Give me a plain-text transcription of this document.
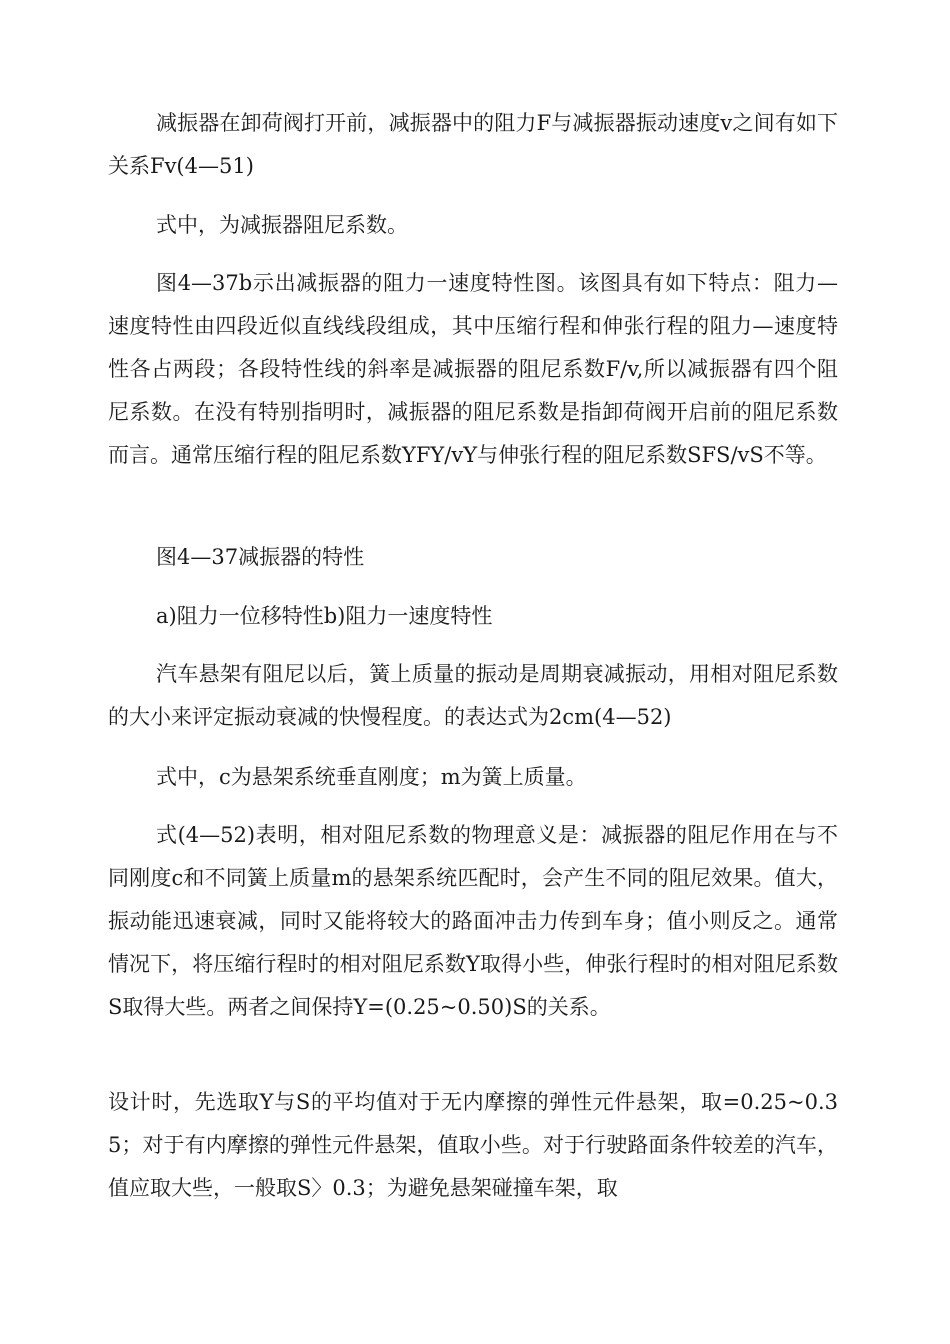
减振器在卸荷阀打开前，减振器中的阻力F与减振器振动速度v之间有如下关系Fv(4—51)

式中，为减振器阻尼系数。

图4—37b示出减振器的阻力一速度特性图。该图具有如下特点：阻力—速度特性由四段近似直线线段组成，其中压缩行程和伸张行程的阻力—速度特性各占两段；各段特性线的斜率是减振器的阻尼系数F/v,所以减振器有四个阻尼系数。在没有特别指明时，减振器的阻尼系数是指卸荷阀开启前的阻尼系数而言。通常压缩行程的阻尼系数YFY/vY与伸张行程的阻尼系数SFS/vS不等。

图4—37减振器的特性

a)阻力一位移特性b)阻力一速度特性

汽车悬架有阻尼以后，簧上质量的振动是周期衰减振动，用相对阻尼系数的大小来评定振动衰减的快慢程度。的表达式为2cm(4—52)

式中，c为悬架系统垂直刚度；m为簧上质量。

式(4—52)表明，相对阻尼系数的物理意义是：减振器的阻尼作用在与不同刚度c和不同簧上质量m的悬架系统匹配时，会产生不同的阻尼效果。值大，振动能迅速衰减，同时又能将较大的路面冲击力传到车身；值小则反之。通常情况下，将压缩行程时的相对阻尼系数Y取得小些，伸张行程时的相对阻尼系数S取得大些。两者之间保持Y=(0.25~0.50)S的关系。

设计时，先选取Y与S的平均值对于无内摩擦的弹性元件悬架，取=0.25~0.35；对于有内摩擦的弹性元件悬架，值取小些。对于行驶路面条件较差的汽车，值应取大些，一般取S〉0.3；为避免悬架碰撞车架，取
